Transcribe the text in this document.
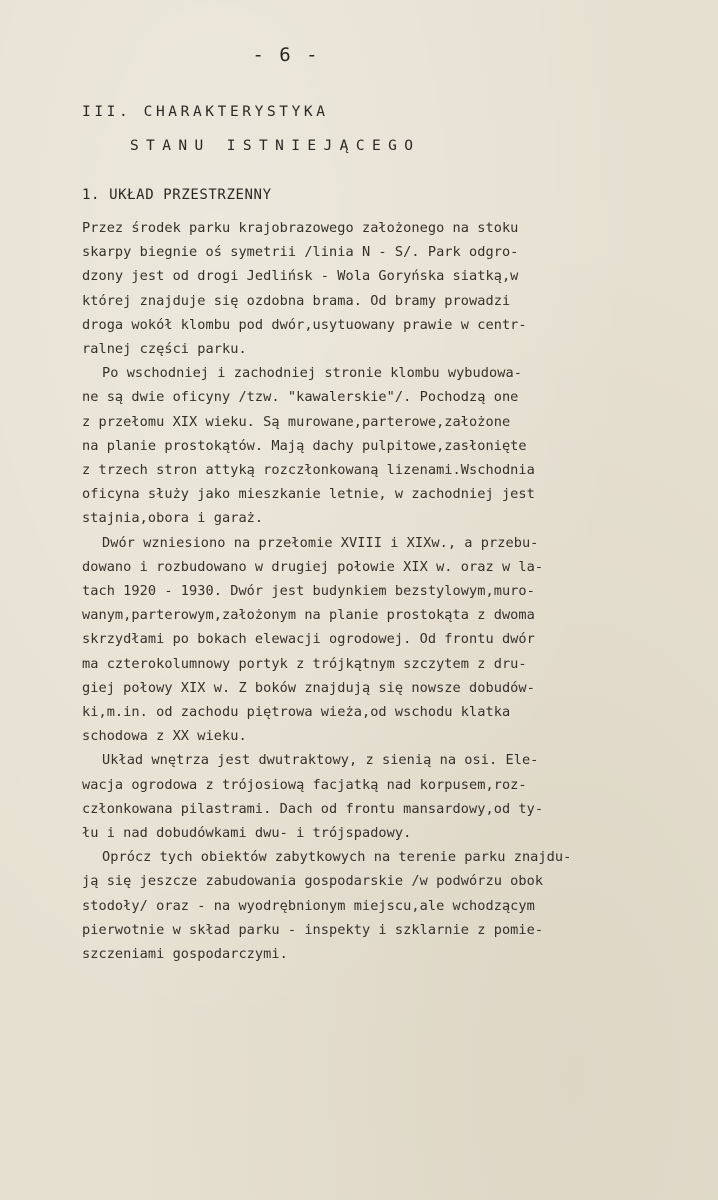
- 6 -
III. CHARAKTERYSTYKA
STANU ISTNIEJĄCEGO
1. UKŁAD PRZESTRZENNY
Przez środek parku krajobrazowego założonego na stoku
skarpy biegnie oś symetrii /linia N - S/. Park odgro-
dzony jest od drogi Jedlińsk - Wola Goryńska siatką,w
której znajduje się ozdobna brama. Od bramy prowadzi
droga wokół klombu pod dwór,usytuowany prawie w centr-
ralnej części parku.
Po wschodniej i zachodniej stronie klombu wybudowa-
ne są dwie oficyny /tzw. "kawalerskie"/. Pochodzą one
z przełomu XIX wieku. Są murowane,parterowe,założone
na planie prostokątów. Mają dachy pulpitowe,zasłonięte
z trzech stron attyką rozczłonkowaną lizenami.Wschodnia
oficyna służy jako mieszkanie letnie, w zachodniej jest
stajnia,obora i garaż.
Dwór wzniesiono na przełomie XVIII i XIXw., a przebu-
dowano i rozbudowano w drugiej połowie XIX w. oraz w la-
tach 1920 - 1930. Dwór jest budynkiem bezstylowym,muro-
wanym,parterowym,założonym na planie prostokąta z dwoma
skrzydłami po bokach elewacji ogrodowej. Od frontu dwór
ma czterokolumnowy portyk z trójkątnym szczytem z dru-
giej połowy XIX w. Z boków znajdują się nowsze dobudów-
ki,m.in. od zachodu piętrowa wieża,od wschodu klatka
schodowa z XX wieku.
Układ wnętrza jest dwutraktowy, z sienią na osi. Ele-
wacja ogrodowa z trójosiową facjatką nad korpusem,roz-
członkowana pilastrami. Dach od frontu mansardowy,od ty-
łu i nad dobudówkami dwu- i trójspadowy.
Oprócz tych obiektów zabytkowych na terenie parku znajdu-
ją się jeszcze zabudowania gospodarskie /w podwórzu obok
stodoły/ oraz - na wyodrębnionym miejscu,ale wchodzącym
pierwotnie w skład parku - inspekty i szklarnie z pomie-
szczeniami gospodarczymi.
